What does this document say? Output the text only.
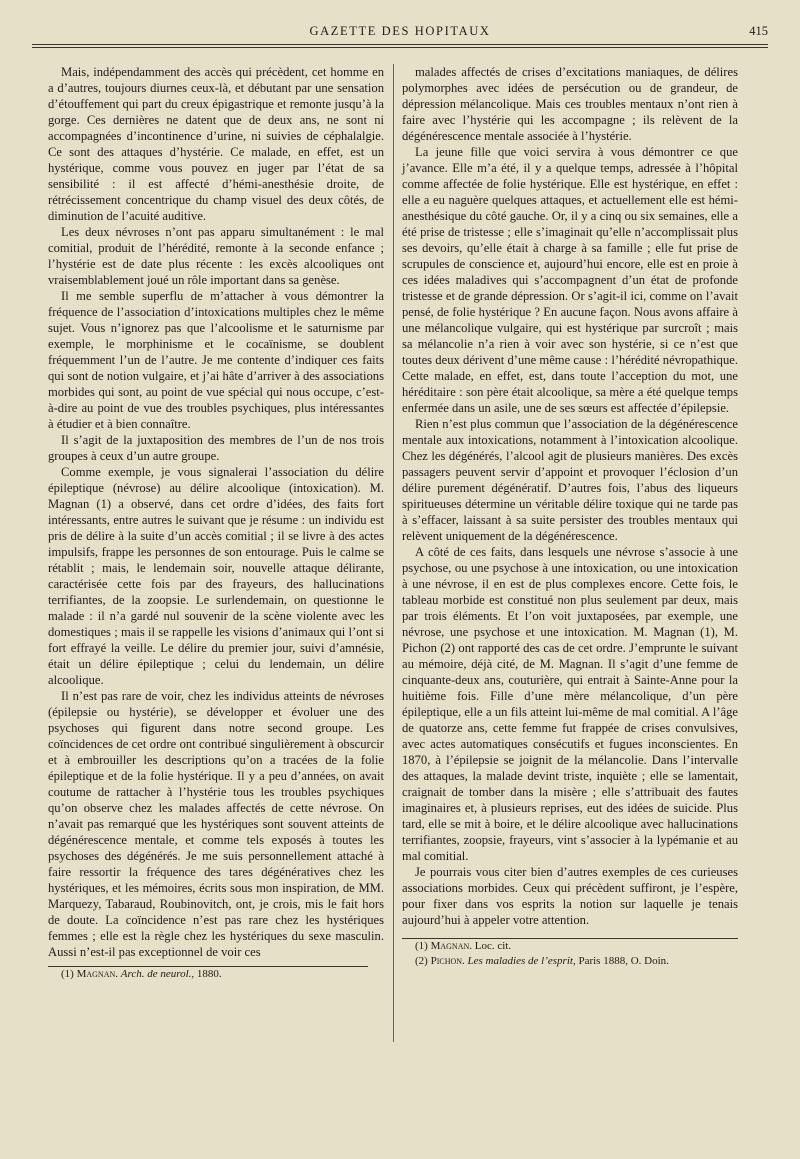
GAZETTE DES HOPITAUX	415

Mais, indépendamment des accès qui précèdent, cet homme en a d’autres, toujours diurnes ceux-là, et débutant par une sensation d’étouffement qui part du creux épigastrique et remonte jusqu’à la gorge. Ces dernières ne datent que de deux ans, ne sont ni accompagnées d’incontinence d’urine, ni suivies de céphalalgie. Ce sont des attaques d’hystérie. Ce malade, en effet, est un hystérique, comme vous pouvez en juger par l’état de sa sensibilité : il est affecté d’hémi-anesthésie droite, de rétrécissement concentrique du champ visuel des deux côtés, de diminution de l’acuité auditive.

Les deux névroses n’ont pas apparu simultanément : le mal comitial, produit de l’hérédité, remonte à la seconde enfance ; l’hystérie est de date plus récente : les excès alcooliques ont vraisemblablement joué un rôle important dans sa genèse.

Il me semble superflu de m’attacher à vous démontrer la fréquence de l’association d’intoxications multiples chez le même sujet. Vous n’ignorez pas que l’alcoolisme et le saturnisme par exemple, le morphinisme et le cocaïnisme, se doublent fréquemment l’un de l’autre. Je me contente d’indiquer ces faits qui sont de notion vulgaire, et j’ai hâte d’arriver à des associations morbides qui sont, au point de vue spécial qui nous occupe, c’est-à-dire au point de vue des troubles psychiques, plus intéressantes à étudier et à bien connaître.

Il s’agit de la juxtaposition des membres de l’un de nos trois groupes à ceux d’un autre groupe.

Comme exemple, je vous signalerai l’association du délire épileptique (névrose) au délire alcoolique (intoxication). M. Magnan (1) a observé, dans cet ordre d’idées, des faits fort intéressants, entre autres le suivant que je résume : un individu est pris de délire à la suite d’un accès comitial ; il se livre à des actes impulsifs, frappe les personnes de son entourage. Puis le calme se rétablit ; mais, le lendemain soir, nouvelle attaque délirante, caractérisée cette fois par des frayeurs, des hallucinations terrifiantes, de la zoopsie. Le surlendemain, on questionne le malade : il n’a gardé nul souvenir de la scène violente avec les domestiques ; mais il se rappelle les visions d’animaux qui l’ont si fort effrayé la veille. Le délire du premier jour, suivi d’amnésie, était un délire épileptique ; celui du lendemain, un délire alcoolique.

Il n’est pas rare de voir, chez les individus atteints de névroses (épilepsie ou hystérie), se développer et évoluer une des psychoses qui figurent dans notre second groupe. Les coïncidences de cet ordre ont contribué singulièrement à obscurcir et à embrouiller les descriptions qu’on a tracées de la folie épileptique et de la folie hystérique. Il y a peu d’années, on avait coutume de rattacher à l’hystérie tous les troubles psychiques qu’on observe chez les malades affectés de cette névrose. On n’avait pas remarqué que les hystériques sont souvent atteints de dégénérescence mentale, et comme tels exposés à toutes les psychoses des dégénérés. Je me suis personnellement attaché à faire ressortir la fréquence des tares dégénératives chez les hystériques, et les mémoires, écrits sous mon inspiration, de MM. Marquezy, Tabaraud, Roubinovitch, ont, je crois, mis le fait hors de doute. La coïncidence n’est pas rare chez les hystériques femmes ; elle est la règle chez les hystériques du sexe masculin. Aussi n’est-il pas exceptionnel de voir ces

(1) Magnan. Arch. de neurol., 1880.

malades affectés de crises d’excitations maniaques, de délires polymorphes avec idées de persécution ou de grandeur, de dépression mélancolique. Mais ces troubles mentaux n’ont rien à faire avec l’hystérie qui les accompagne ; ils relèvent de la dégénérescence mentale associée à l’hystérie.

La jeune fille que voici servira à vous démontrer ce que j’avance. Elle m’a été, il y a quelque temps, adressée à l’hôpital comme affectée de folie hystérique. Elle est hystérique, en effet : elle a eu naguère quelques attaques, et actuellement elle est hémi-anesthésique du côté gauche. Or, il y a cinq ou six semaines, elle a été prise de tristesse ; elle s’imaginait qu’elle n’accomplissait plus ses devoirs, qu’elle était à charge à sa famille ; elle fut prise de scrupules de conscience et, aujourd’hui encore, elle est en proie à ces idées maladives qui s’accompagnent d’un état de profonde tristesse et de grande dépression. Or s’agit-il ici, comme on l’avait pensé, de folie hystérique ? En aucune façon. Nous avons affaire à une mélancolique vulgaire, qui est hystérique par surcroît ; mais sa mélancolie n’a rien à voir avec son hystérie, si ce n’est que toutes deux dérivent d’une même cause : l’hérédité névropathique. Cette malade, en effet, est, dans toute l’acception du mot, une héréditaire : son père était alcoolique, sa mère a été quelque temps enfermée dans un asile, une de ses sœurs est affectée d’épilepsie.

Rien n’est plus commun que l’association de la dégénérescence mentale aux intoxications, notamment à l’intoxication alcoolique. Chez les dégénérés, l’alcool agit de plusieurs manières. Des excès passagers peuvent servir d’appoint et provoquer l’éclosion d’un délire purement dégénératif. D’autres fois, l’abus des liqueurs spiritueuses détermine un véritable délire toxique qui ne tarde pas à s’effacer, laissant à sa suite persister des troubles mentaux qui relèvent uniquement de la dégénérescence.

A côté de ces faits, dans lesquels une névrose s’associe à une psychose, ou une psychose à une intoxication, ou une intoxication à une névrose, il en est de plus complexes encore. Cette fois, le tableau morbide est constitué non plus seulement par deux, mais par trois éléments. Et l’on voit juxtaposées, par exemple, une névrose, une psychose et une intoxication. M. Magnan (1), M. Pichon (2) ont rapporté des cas de cet ordre. J’emprunte le suivant au mémoire, déjà cité, de M. Magnan. Il s’agit d’une femme de cinquante-deux ans, couturière, qui entrait à Sainte-Anne pour la huitième fois. Fille d’une mère mélancolique, d’un père épileptique, elle a un fils atteint lui-même de mal comitial. A l’âge de quatorze ans, cette femme fut frappée de crises convulsives, avec actes automatiques consécutifs et fugues inconscientes. En 1870, à l’épilepsie se joignit de la mélancolie. Dans l’intervalle des attaques, la malade devint triste, inquiète ; elle se lamentait, craignait de tomber dans la misère ; elle s’attribuait des fautes imaginaires et, à plusieurs reprises, eut des idées de suicide. Plus tard, elle se mit à boire, et le délire alcoolique avec hallucinations terrifiantes, zoopsie, frayeurs, vint s’associer à la lypémanie et au mal comitial.

Je pourrais vous citer bien d’autres exemples de ces curieuses associations morbides. Ceux qui précèdent suffiront, je l’espère, pour fixer dans vos esprits la notion sur laquelle je tenais aujourd’hui à appeler votre attention.

(1) Magnan. Loc. cit.

(2) Pichon. Les maladies de l’esprit, Paris 1888, O. Doin.
